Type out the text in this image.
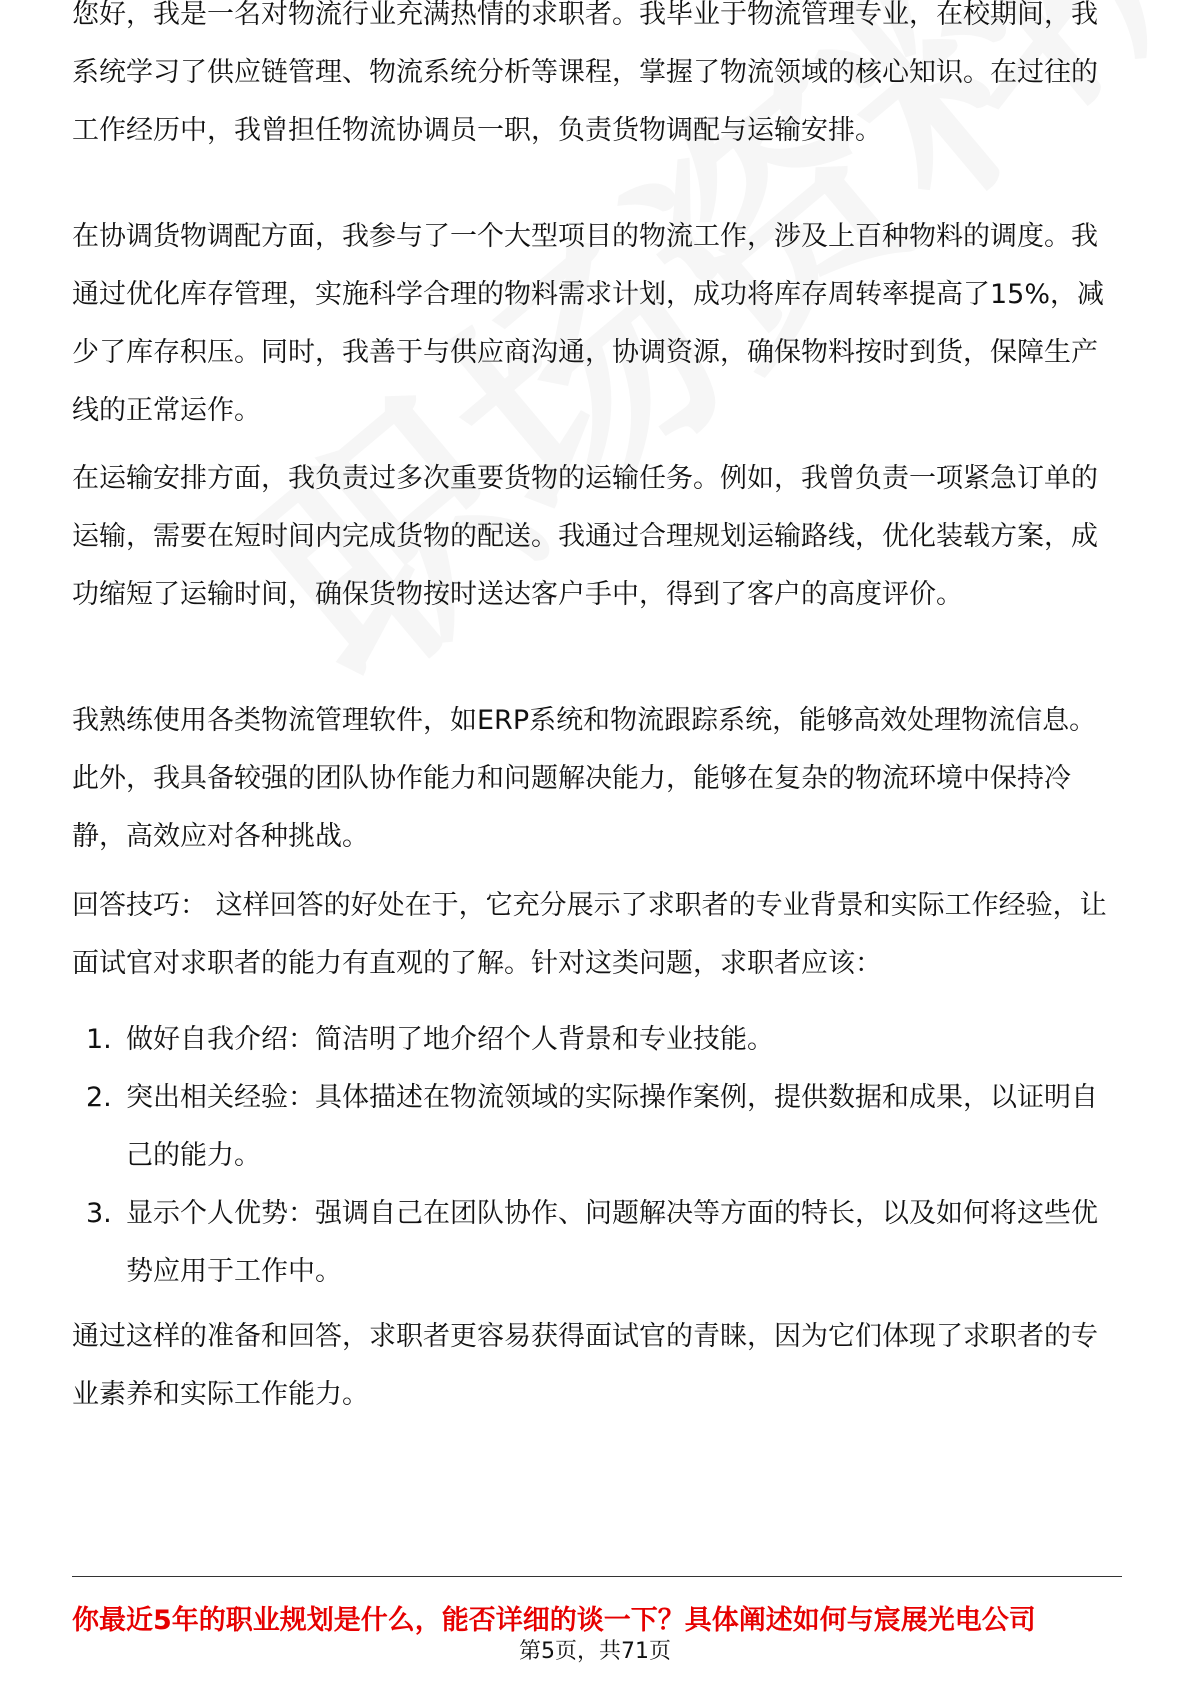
您好，我是一名对物流行业充满热情的求职者。我毕业于物流管理专业，在校期间，我系统学习了供应链管理、物流系统分析等课程，掌握了物流领域的核心知识。在过往的工作经历中，我曾担任物流协调员一职，负责货物调配与运输安排。

在协调货物调配方面，我参与了一个大型项目的物流工作，涉及上百种物料的调度。我通过优化库存管理，实施科学合理的物料需求计划，成功将库存周转率提高了15%，减少了库存积压。同时，我善于与供应商沟通，协调资源，确保物料按时到货，保障生产线的正常运作。

在运输安排方面，我负责过多次重要货物的运输任务。例如，我曾负责一项紧急订单的运输，需要在短时间内完成货物的配送。我通过合理规划运输路线，优化装载方案，成功缩短了运输时间，确保货物按时送达客户手中，得到了客户的高度评价。

我熟练使用各类物流管理软件，如ERP系统和物流跟踪系统，能够高效处理物流信息。此外，我具备较强的团队协作能力和问题解决能力，能够在复杂的物流环境中保持冷静，高效应对各种挑战。

回答技巧： 这样回答的好处在于，它充分展示了求职者的专业背景和实际工作经验，让面试官对求职者的能力有直观的了解。针对这类问题，求职者应该：

1. 做好自我介绍：简洁明了地介绍个人背景和专业技能。
2. 突出相关经验：具体描述在物流领域的实际操作案例，提供数据和成果，以证明自己的能力。
3. 显示个人优势：强调自己在团队协作、问题解决等方面的特长，以及如何将这些优势应用于工作中。

通过这样的准备和回答，求职者更容易获得面试官的青睐，因为它们体现了求职者的专业素养和实际工作能力。

你最近5年的职业规划是什么，能否详细的谈一下？具体阐述如何与宸展光电公司

第5页，共71页
